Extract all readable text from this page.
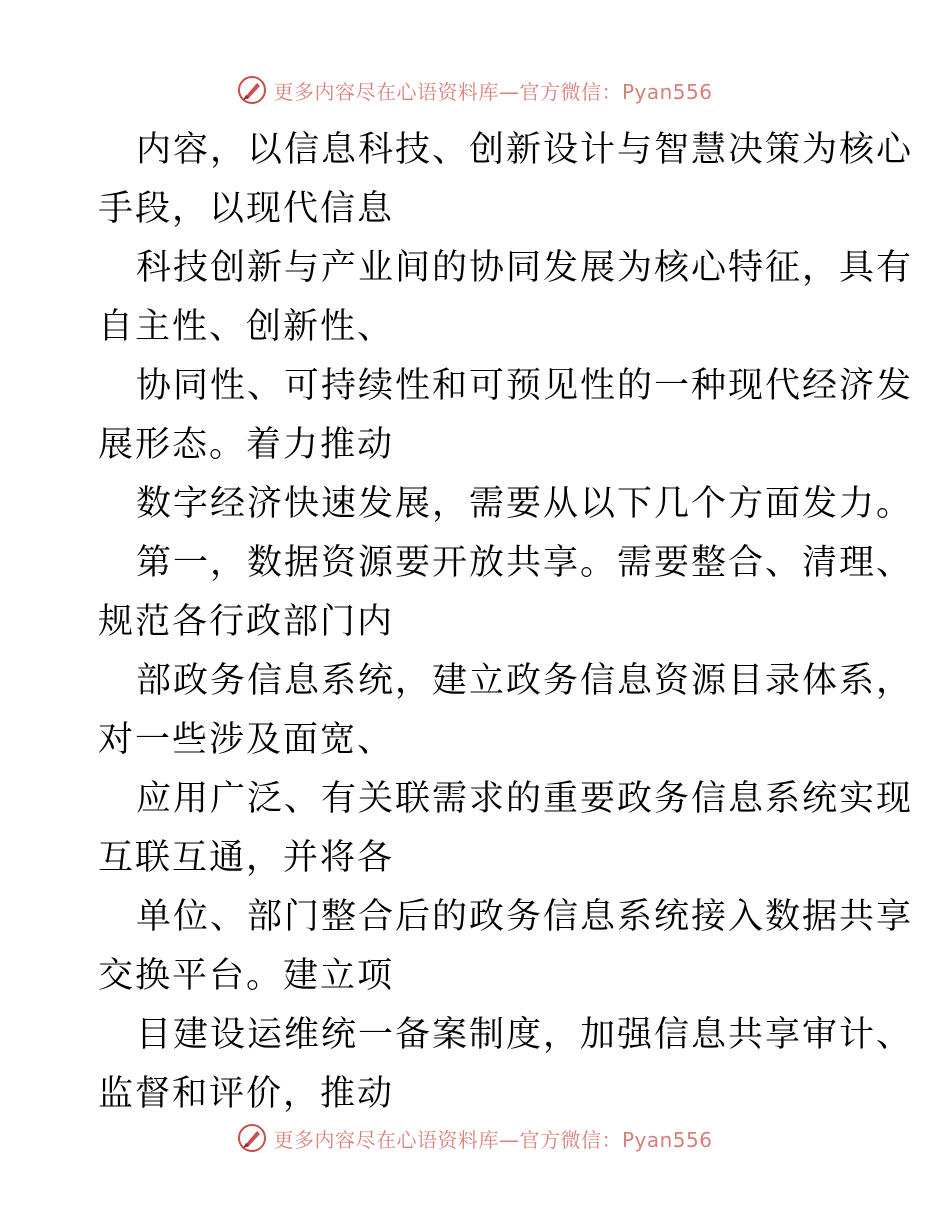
更多内容尽在心语资料库—官方微信：Pyan556
内容，以信息科技、创新设计与智慧决策为核心
手段，以现代信息
科技创新与产业间的协同发展为核心特征，具有
自主性、创新性、
协同性、可持续性和可预见性的一种现代经济发
展形态。着力推动
数字经济快速发展，需要从以下几个方面发力。
第一，数据资源要开放共享。需要整合、清理、
规范各行政部门内
部政务信息系统，建立政务信息资源目录体系，
对一些涉及面宽、
应用广泛、有关联需求的重要政务信息系统实现
互联互通，并将各
单位、部门整合后的政务信息系统接入数据共享
交换平台。建立项
目建设运维统一备案制度，加强信息共享审计、
监督和评价，推动
更多内容尽在心语资料库—官方微信：Pyan556
